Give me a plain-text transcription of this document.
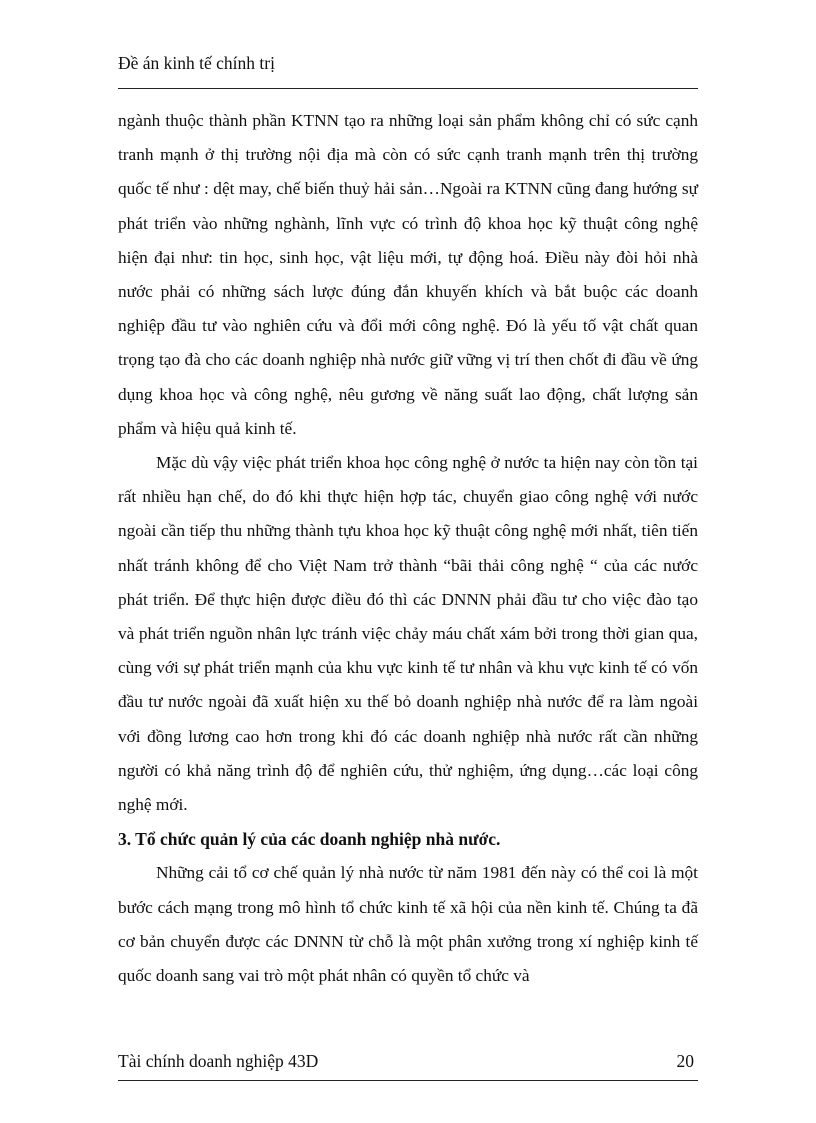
Đề án kinh tế chính trị

ngành thuộc thành phần KTNN tạo ra những loại sản phẩm không chỉ có sức cạnh tranh mạnh ở thị trường nội địa mà còn có sức cạnh tranh mạnh trên thị trường quốc tế như : dệt may, chế biến thuỷ hải sản…Ngoài ra KTNN cũng đang hướng sự phát triển vào những nghành, lĩnh vực có trình độ khoa học kỹ thuật công nghệ hiện đại như: tin học, sinh học, vật liệu mới, tự động hoá. Điều này đòi hỏi nhà nước phải có những sách lược đúng đắn khuyến khích và bắt buộc các doanh nghiệp đầu tư vào nghiên cứu và đổi mới công nghệ. Đó là yếu tố vật chất quan trọng tạo đà cho các doanh nghiệp nhà nước giữ vững vị trí then chốt đi đầu về ứng dụng khoa học và công nghệ, nêu gương về năng suất lao động, chất lượng sản phẩm và hiệu quả kinh tế.

Mặc dù vậy việc phát triển khoa học công nghệ ở nước ta hiện nay còn tồn tại rất nhiều hạn chế, do đó khi thực hiện hợp tác, chuyển giao công nghệ với nước ngoài cần tiếp thu những thành tựu khoa học kỹ thuật công nghệ mới nhất, tiên tiến nhất tránh không để cho Việt Nam trở thành “bãi thải công nghệ “ của các nước phát triển. Để thực hiện được điều đó thì các DNNN phải đầu tư cho việc đào tạo và phát triển nguồn nhân lực tránh việc chảy máu chất xám bởi trong thời gian qua, cùng với sự phát triển mạnh của khu vực kinh tế tư nhân và khu vực kinh tế có vốn đầu tư nước ngoài đã xuất hiện xu thế bỏ doanh nghiệp nhà nước để ra làm ngoài với đồng lương cao hơn trong khi đó các doanh nghiệp nhà nước rất cần những người có khả năng trình độ để nghiên cứu, thử nghiệm, ứng dụng…các loại công nghệ mới.

3. Tổ chức quản lý của các doanh nghiệp nhà nước.

Những cải tổ cơ chế quản lý nhà nước từ năm 1981 đến này có thể coi là một bước cách mạng trong mô hình tổ chức kinh tế xã hội của nền kinh tế. Chúng ta đã cơ bản chuyển được các DNNN từ chỗ là một phân xưởng trong xí nghiệp kinh tế quốc doanh sang vai trò một phát nhân có quyền tổ chức và

Tài chính doanh nghiệp 43D	20
